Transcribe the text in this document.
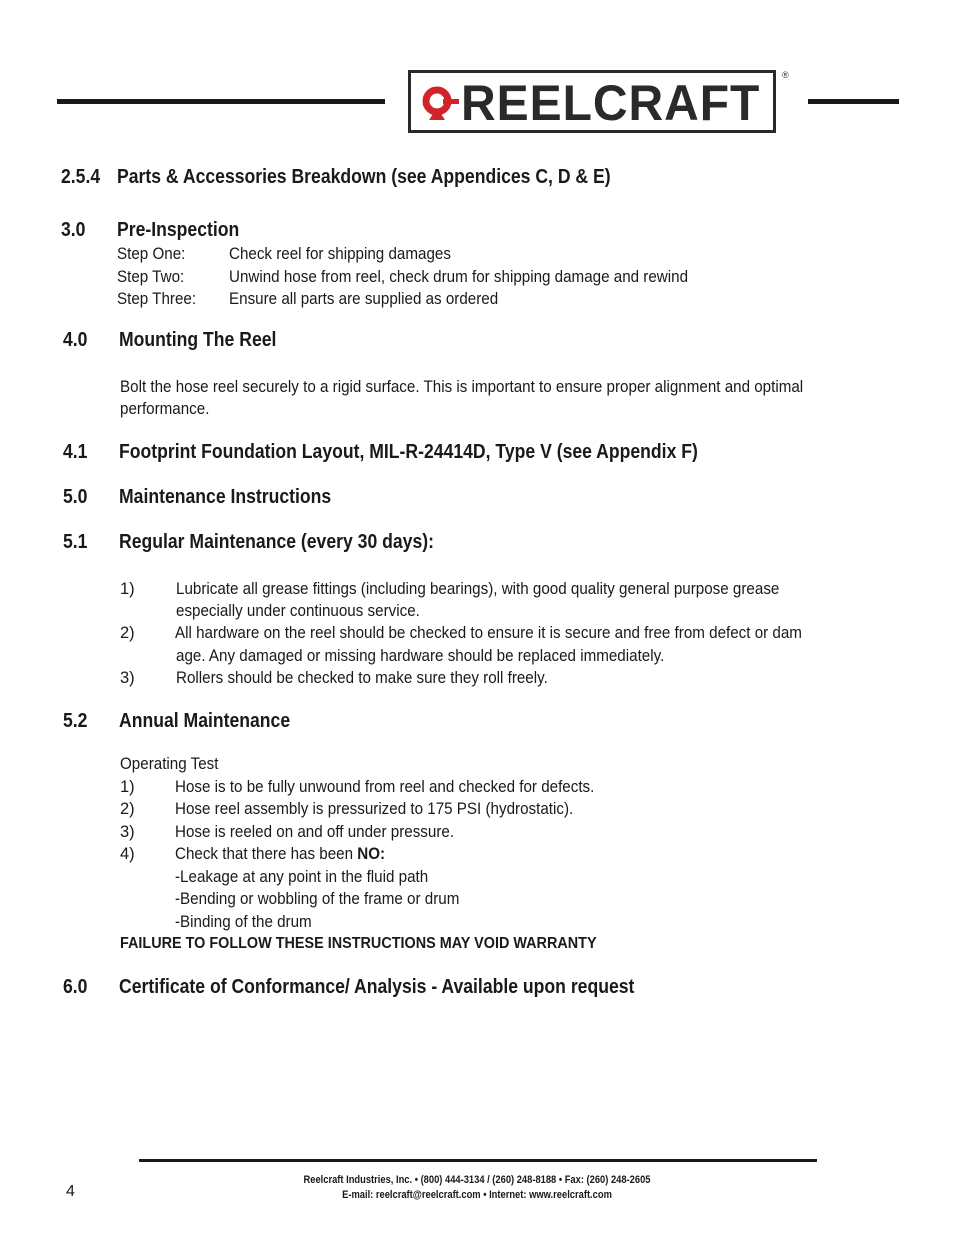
REELCRAFT ®
2.5.4 Parts & Accessories Breakdown (see Appendices C, D & E)
3.0 Pre-Inspection
Step One:	Check reel for shipping damages
Step Two:	Unwind hose from reel, check drum for shipping damage and rewind
Step Three: Ensure all parts are supplied as ordered
4.0 Mounting The Reel
Bolt the hose reel securely to a rigid surface. This is important to ensure proper alignment and optimal
performance.
4.1 Footprint Foundation Layout, MIL-R-24414D, Type V (see Appendix F)
5.0 Maintenance Instructions
5.1 Regular Maintenance (every 30 days):
1)	Lubricate all grease fittings (including bearings), with good quality general purpose grease
especially under continuous service.
2) All hardware on the reel should be checked to ensure it is secure and free from defect or dam
age. Any damaged or missing hardware should be replaced immediately.
3)	Rollers should be checked to make sure they roll freely.
5.2 Annual Maintenance
Operating Test
1) Hose is to be fully unwound from reel and checked for defects.
2) Hose reel assembly is pressurized to 175 PSI (hydrostatic).
3) Hose is reeled on and off under pressure.
4) Check that there has been NO:
-Leakage at any point in the fluid path
-Bending or wobbling of the frame or drum
-Binding of the drum
FAILURE TO FOLLOW THESE INSTRUCTIONS MAY VOID WARRANTY
6.0 Certificate of Conformance/ Analysis - Available upon request
Reelcraft Industries, Inc. • (800) 444-3134 / (260) 248-8188 • Fax: (260) 248-2605
E-mail: reelcraft@reelcraft.com • Internet: www.reelcraft.com
4
